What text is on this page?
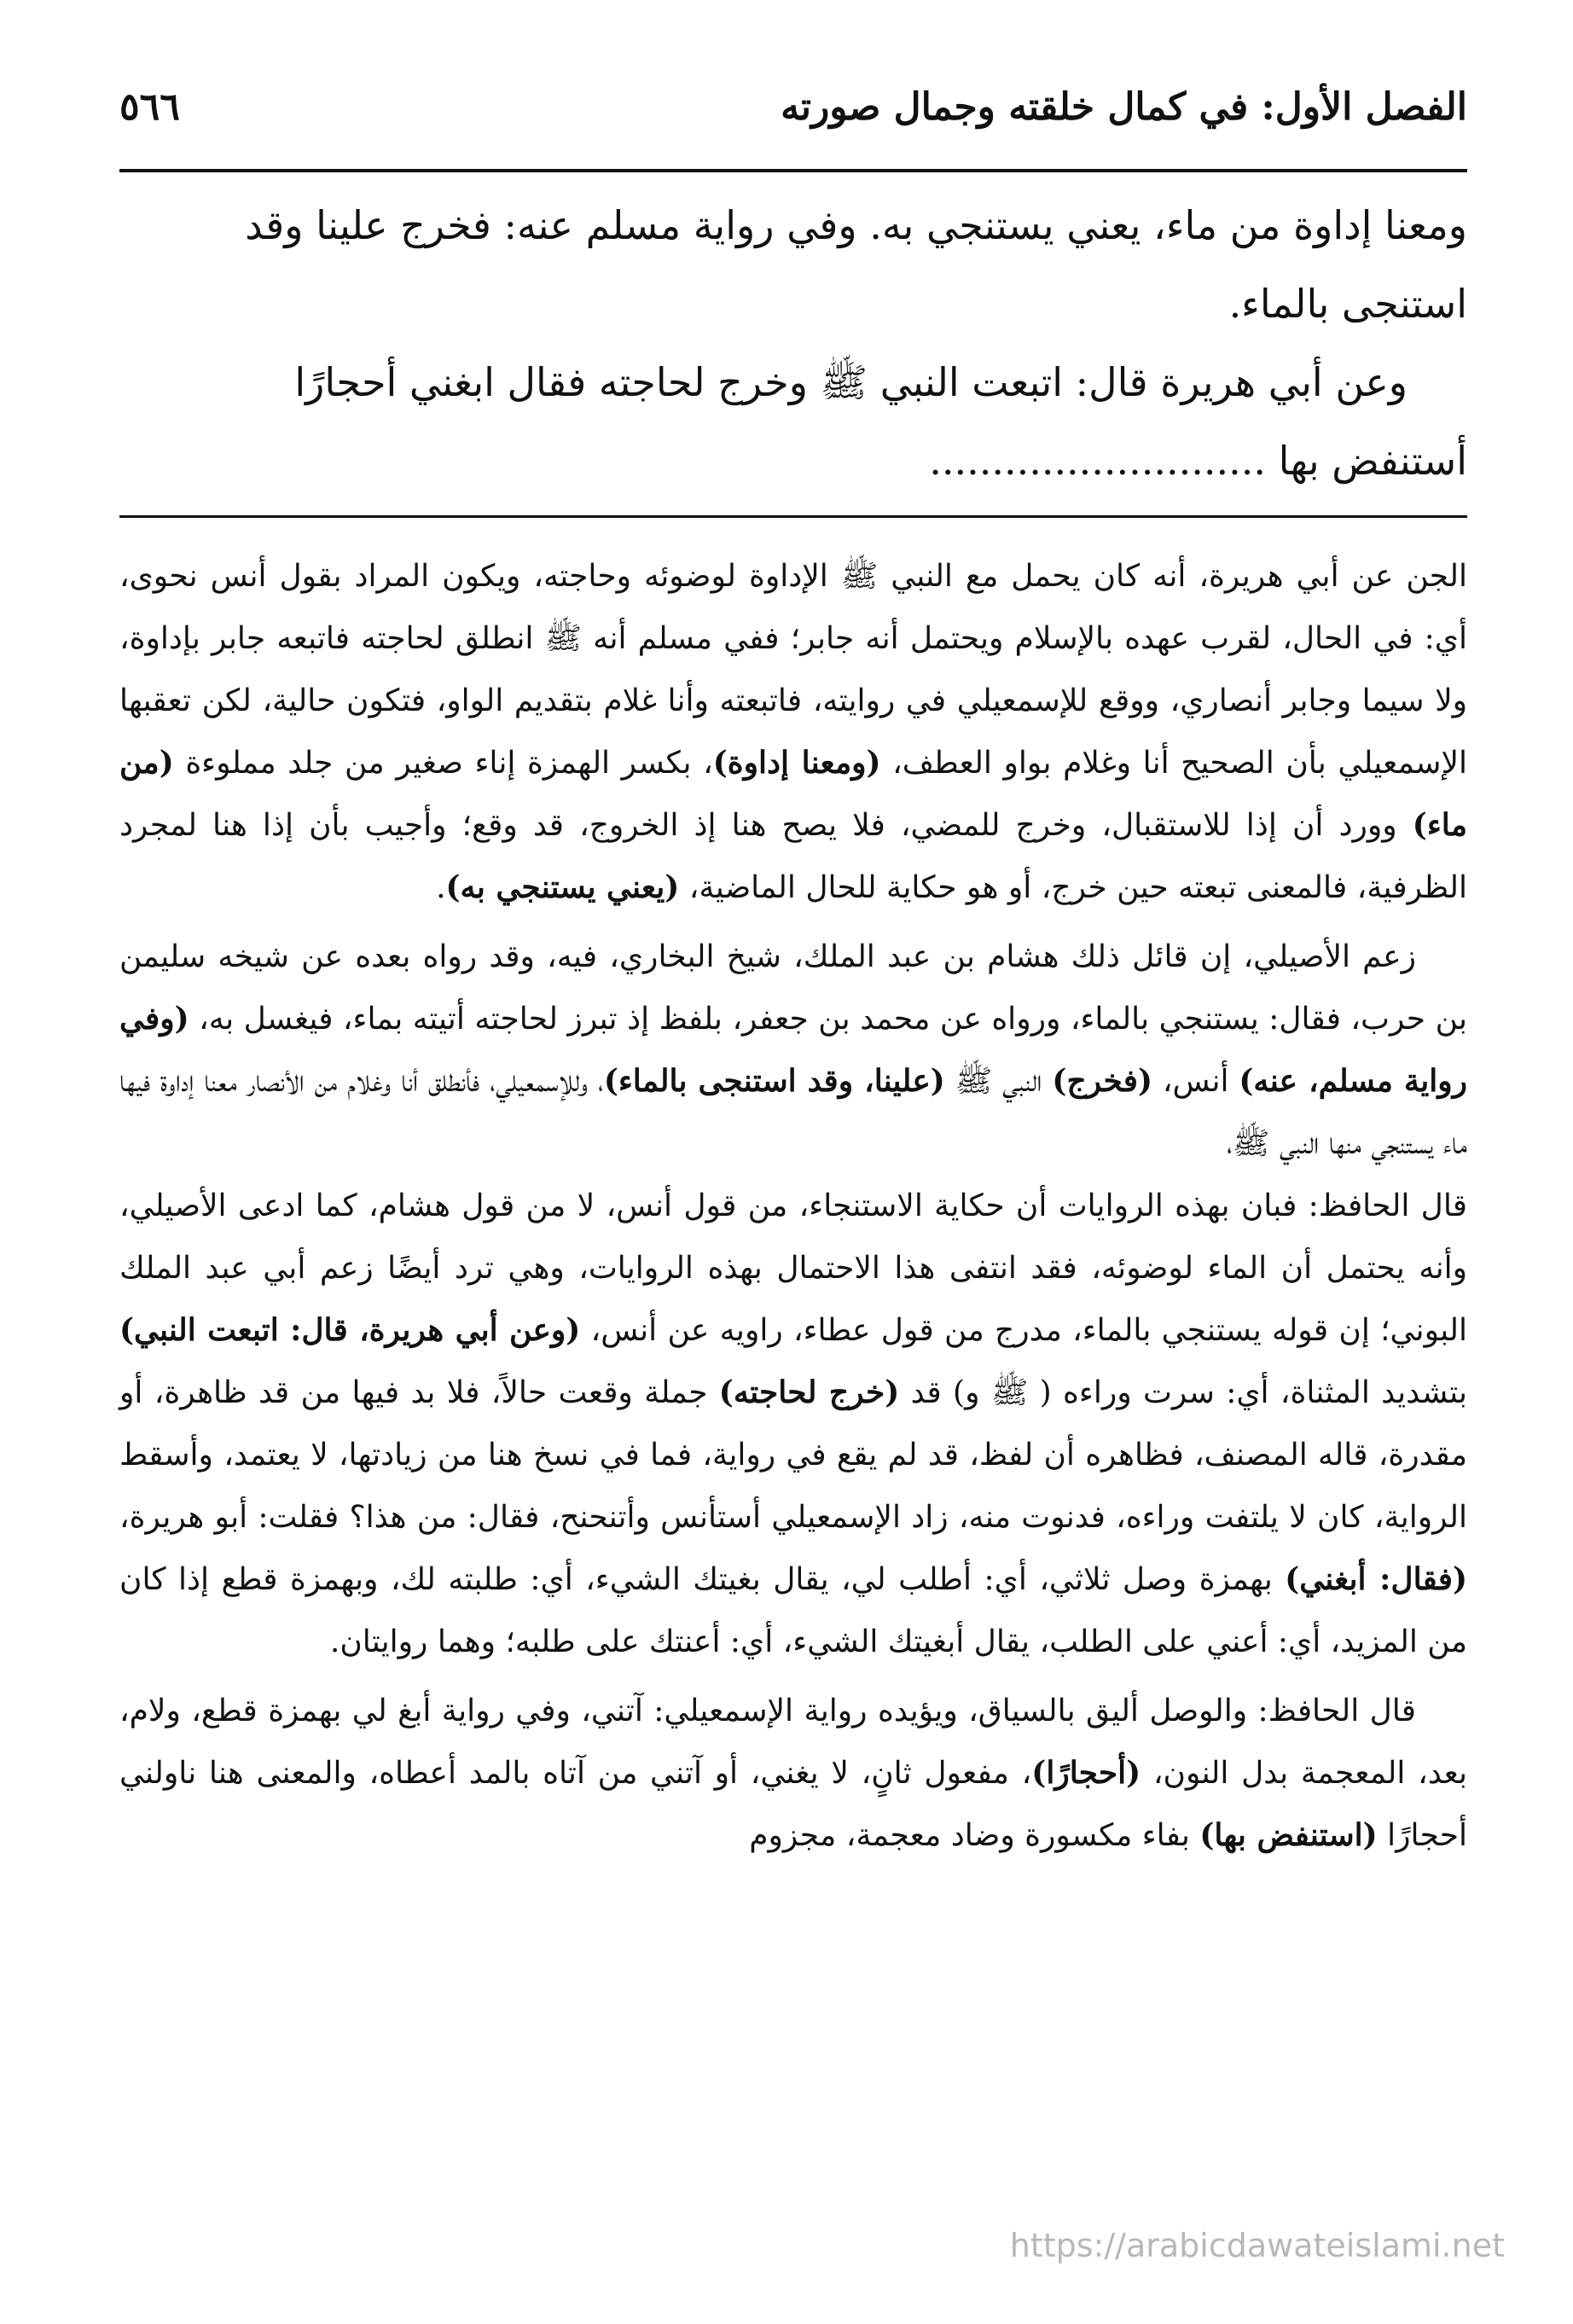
الفصل الأول: في كمال خلقته وجمال صورته
٥٦٦

ومعنا إداوة من ماء، يعني يستنجي به. وفي رواية مسلم عنه: فخرج علينا وقد

استنجى بالماء.

وعن أبي هريرة قال: اتبعت النبي ﷺ وخرج لحاجته فقال ابغني أحجارًا

أستنفض بها ...........................

الجن عن أبي هريرة، أنه كان يحمل مع النبي ﷺ الإداوة لوضوئه وحاجته، ويكون المراد بقول أنس نحوى، أي: في الحال، لقرب عهده بالإسلام ويحتمل أنه جابر؛ ففي مسلم أنه ﷺ انطلق لحاجته فاتبعه جابر بإداوة، ولا سيما وجابر أنصاري، ووقع للإسمعيلي في روايته، فاتبعته وأنا غلام بتقديم الواو، فتكون حالية، لكن تعقبها الإسمعيلي بأن الصحيح أنا وغلام بواو العطف، (ومعنا إداوة)، بكسر الهمزة إناء صغير من جلد مملوءة (من ماء) وورد أن إذا للاستقبال، وخرج للمضي، فلا يصح هنا إذ الخروج، قد وقع؛ وأجيب بأن إذا هنا لمجرد الظرفية، فالمعنى تبعته حين خرج، أو هو حكاية للحال الماضية، (يعني يستنجي به).

زعم الأصيلي، إن قائل ذلك هشام بن عبد الملك، شيخ البخاري، فيه، وقد رواه بعده عن شيخه سليمن بن حرب، فقال: يستنجي بالماء، ورواه عن محمد بن جعفر، بلفظ إذ تبرز لحاجته أتيته بماء، فيغسل به، (وفي رواية مسلم، عنه) أنس، (فخرج) النبي ﷺ (علينا، وقد استنجى بالماء)، وللإسمعيلي، فأنطلق أنا وغلام من الأنصار معنا إداوة فيها ماء يستنجي منها النبي ﷺ،

قال الحافظ: فبان بهذه الروايات أن حكاية الاستنجاء، من قول أنس، لا من قول هشام، كما ادعى الأصيلي، وأنه يحتمل أن الماء لوضوئه، فقد انتفى هذا الاحتمال بهذه الروايات، وهي ترد أيضًا زعم أبي عبد الملك البوني؛ إن قوله يستنجي بالماء، مدرج من قول عطاء، راويه عن أنس، (وعن أبي هريرة، قال: اتبعت النبي) بتشديد المثناة، أي: سرت وراءه ( ﷺ و) قد (خرج لحاجته) جملة وقعت حالاً، فلا بد فيها من قد ظاهرة، أو مقدرة، قاله المصنف، فظاهره أن لفظ، قد لم يقع في رواية، فما في نسخ هنا من زيادتها، لا يعتمد، وأسقط الرواية، كان لا يلتفت وراءه، فدنوت منه، زاد الإسمعيلي أستأنس وأتنحنح، فقال: من هذا؟ فقلت: أبو هريرة، (فقال: أبغني) بهمزة وصل ثلاثي، أي: أطلب لي، يقال بغيتك الشيء، أي: طلبته لك، وبهمزة قطع إذا كان من المزيد، أي: أعني على الطلب، يقال أبغيتك الشيء، أي: أعنتك على طلبه؛ وهما روايتان.

قال الحافظ: والوصل أليق بالسياق، ويؤيده رواية الإسمعيلي: آتني، وفي رواية أبغ لي بهمزة قطع، ولام، بعد، المعجمة بدل النون، (أحجارًا)، مفعول ثانٍ، لا يغني، أو آتني من آتاه بالمد أعطاه، والمعنى هنا ناولني أحجارًا (استنفض بها) بفاء مكسورة وضاد معجمة، مجزوم

https://arabicdawateislami.net
